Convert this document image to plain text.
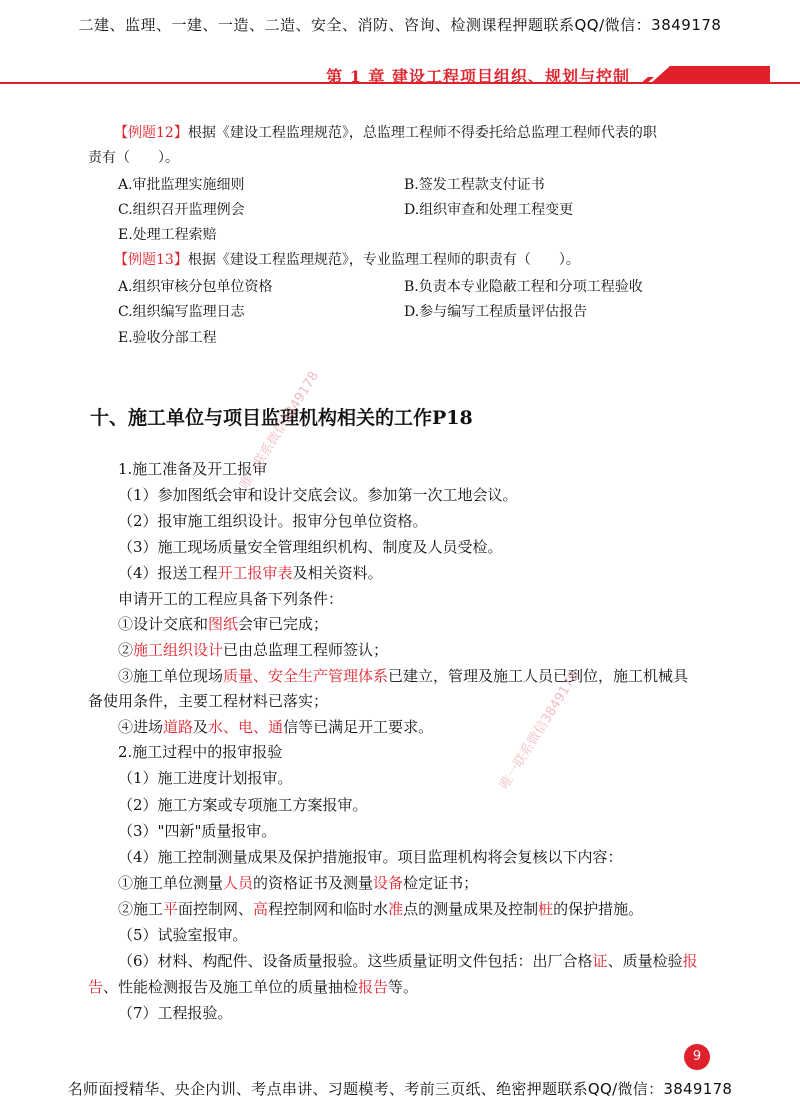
二建、监理、一建、一造、二造、安全、消防、咨询、检测课程押题联系QQ/微信：3849178
第 1 章 建设工程项目组织、规划与控制
【例题12】根据《建设工程监理规范》，总监理工程师不得委托给总监理工程师代表的职
责有（　　）。
A.审批监理实施细则	B.签发工程款支付证书
C.组织召开监理例会	D.组织审查和处理工程变更
E.处理工程索赔
【例题13】根据《建设工程监理规范》，专业监理工程师的职责有（　　）。
A.组织审核分包单位资格	B.负责本专业隐蔽工程和分项工程验收
C.组织编写监理日志	D.参与编写工程质量评估报告
E.验收分部工程
十、施工单位与项目监理机构相关的工作P18
1.施工准备及开工报审
（1）参加图纸会审和设计交底会议。参加第一次工地会议。
（2）报审施工组织设计。报审分包单位资格。
（3）施工现场质量安全管理组织机构、制度及人员受检。
（4）报送工程开工报审表及相关资料。
申请开工的工程应具备下列条件：
①设计交底和图纸会审已完成；
②施工组织设计已由总监理工程师签认；
③施工单位现场质量、安全生产管理体系已建立，管理及施工人员已到位，施工机械具
备使用条件，主要工程材料已落实；
④进场道路及水、电、通信等已满足开工要求。
2.施工过程中的报审报验
（1）施工进度计划报审。
（2）施工方案或专项施工方案报审。
（3）"四新"质量报审。
（4）施工控制测量成果及保护措施报审。项目监理机构将会复核以下内容：
①施工单位测量人员的资格证书及测量设备检定证书；
②施工平面控制网、高程控制网和临时水准点的测量成果及控制桩的保护措施。
（5）试验室报审。
（6）材料、构配件、设备质量报验。这些质量证明文件包括：出厂合格证、质量检验报
告、性能检测报告及施工单位的质量抽检报告等。
（7）工程报验。
唯一联系微信3849178
唯一联系微信3849178
9
名师面授精华、央企内训、考点串讲、习题模考、考前三页纸、绝密押题联系QQ/微信：3849178
